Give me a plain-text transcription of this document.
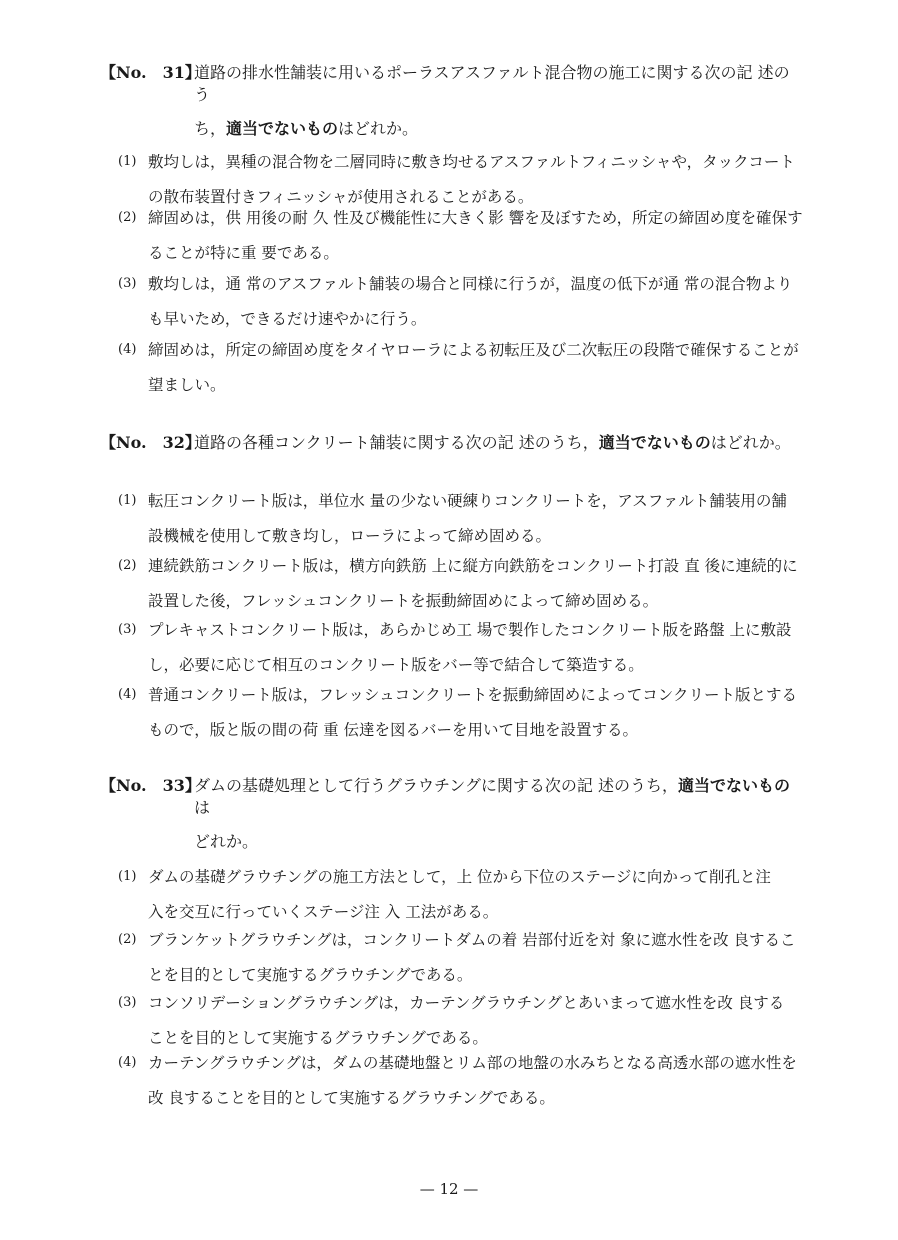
【No.　31】
道路の排水性舗装に用いるポーラスアスファルト混合物の施工に関する次の記 述のう
ち，適当でないものはどれか。
(1) 敷均しは，異種の混合物を二層同時に敷き均せるアスファルトフィニッシャや，タックコート
の散布装置付きフィニッシャが使用されることがある。
(2) 締固めは，供 用後の耐 久 性及び機能性に大きく影 響を及ぼすため，所定の締固め度を確保す
ることが特に重 要である。
(3) 敷均しは，通 常のアスファルト舗装の場合と同様に行うが，温度の低下が通 常の混合物より
も早いため，できるだけ速やかに行う。
(4) 締固めは，所定の締固め度をタイヤローラによる初転圧及び二次転圧の段階で確保することが
望ましい。
【No.　32】
道路の各種コンクリート舗装に関する次の記 述のうち，適当でないものはどれか。
(1) 転圧コンクリート版は，単位水 量の少ない硬練りコンクリートを，アスファルト舗装用の舗
設機械を使用して敷き均し，ローラによって締め固める。
(2) 連続鉄筋コンクリート版は，横方向鉄筋 上に縦方向鉄筋をコンクリート打設 直 後に連続的に
設置した後，フレッシュコンクリートを振動締固めによって締め固める。
(3) プレキャストコンクリート版は，あらかじめ工 場で製作したコンクリート版を路盤 上に敷設
し，必要に応じて相互のコンクリート版をバー等で結合して築造する。
(4) 普通コンクリート版は，フレッシュコンクリートを振動締固めによってコンクリート版とする
もので，版と版の間の荷 重 伝達を図るバーを用いて目地を設置する。
【No.　33】
ダムの基礎処理として行うグラウチングに関する次の記 述のうち，適当でないものは
どれか。
(1) ダムの基礎グラウチングの施工方法として，上 位から下位のステージに向かって削孔と注
入を交互に行っていくステージ注 入 工法がある。
(2) ブランケットグラウチングは，コンクリートダムの着 岩部付近を対 象に遮水性を改 良するこ
とを目的として実施するグラウチングである。
(3) コンソリデーショングラウチングは，カーテングラウチングとあいまって遮水性を改 良する
ことを目的として実施するグラウチングである。
(4) カーテングラウチングは，ダムの基礎地盤とリム部の地盤の水みちとなる高透水部の遮水性を
改 良することを目的として実施するグラウチングである。
— 12 —
